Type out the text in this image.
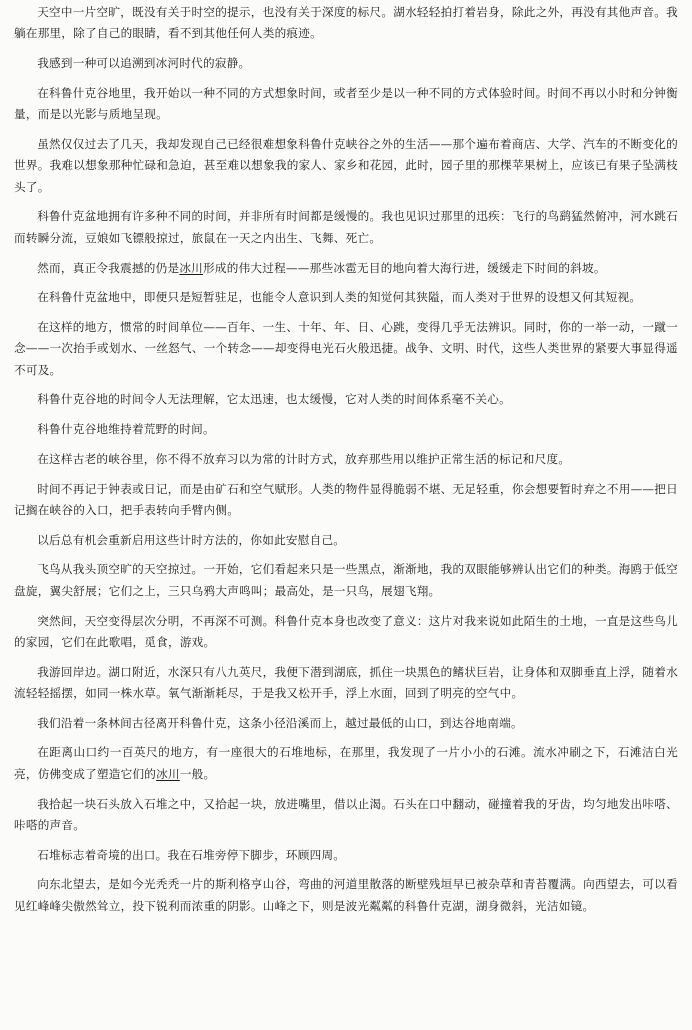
天空中一片空旷，既没有关于时空的提示，也没有关于深度的标尺。湖水轻轻拍打着岩身，除此之外，再没有其他声音。我躺在那里，除了自己的眼睛，看不到其他任何人类的痕迹。

我感到一种可以追溯到冰河时代的寂静。

在科鲁什克谷地里，我开始以一种不同的方式想象时间，或者至少是以一种不同的方式体验时间。时间不再以小时和分钟衡量，而是以光影与质地呈现。

虽然仅仅过去了几天，我却发现自己已经很难想象科鲁什克峡谷之外的生活——那个遍布着商店、大学、汽车的不断变化的世界。我难以想象那种忙碌和急迫，甚至难以想象我的家人、家乡和花园，此时，园子里的那棵苹果树上，应该已有果子坠满枝头了。

科鲁什克盆地拥有许多种不同的时间，并非所有时间都是缓慢的。我也见识过那里的迅疾：飞行的鸟鹞猛然俯冲，河水跳石而转瞬分流，豆娘如飞镖般掠过，旅鼠在一天之内出生、飞舞、死亡。

然而，真正令我震撼的仍是冰川形成的伟大过程——那些冰雹无目的地向着大海行进，缓缓走下时间的斜坡。

在科鲁什克盆地中，即便只是短暂驻足，也能令人意识到人类的知觉何其狭隘，而人类对于世界的设想又何其短视。

在这样的地方，惯常的时间单位——百年、一生、十年、年、日、心跳，变得几乎无法辨识。同时，你的一举一动，一蹴一念——一次抬手或划水、一丝怒气、一个转念——却变得电光石火般迅捷。战争、文明、时代，这些人类世界的紧要大事显得遥不可及。

科鲁什克谷地的时间令人无法理解，它太迅速，也太缓慢，它对人类的时间体系毫不关心。

科鲁什克谷地维持着荒野的时间。

在这样古老的峡谷里，你不得不放弃习以为常的计时方式，放弃那些用以维护正常生活的标记和尺度。

时间不再记于钟表或日记，而是由矿石和空气赋形。人类的物件显得脆弱不堪、无足轻重，你会想要暂时弃之不用——把日记搁在峡谷的入口，把手表转向手臂内侧。

以后总有机会重新启用这些计时方法的，你如此安慰自己。

飞鸟从我头顶空旷的天空掠过。一开始，它们看起来只是一些黑点，渐渐地，我的双眼能够辨认出它们的种类。海鸥于低空盘旋，翼尖舒展；它们之上，三只乌鸦大声鸣叫；最高处，是一只鸟，展翅飞翔。

突然间，天空变得层次分明，不再深不可测。科鲁什克本身也改变了意义：这片对我来说如此陌生的土地，一直是这些鸟儿的家园，它们在此歌唱，觅食，游戏。

我游回岸边。湖口附近，水深只有八九英尺，我便下潜到湖底，抓住一块黑色的鳍状巨岩，让身体和双脚垂直上浮，随着水流轻轻摇摆，如同一株水草。氧气渐渐耗尽，于是我又松开手，浮上水面，回到了明亮的空气中。

我们沿着一条林间古径离开科鲁什克，这条小径沿溪而上，越过最低的山口，到达谷地南端。

在距离山口约一百英尺的地方，有一座很大的石堆地标，在那里，我发现了一片小小的石滩。流水冲刷之下，石滩洁白光亮，仿佛变成了塑造它们的冰川一般。

我拾起一块石头放入石堆之中，又拾起一块，放进嘴里，借以止渴。石头在口中翻动，碰撞着我的牙齿，均匀地发出咔嗒、咔嗒的声音。

石堆标志着奇境的出口。我在石堆旁停下脚步，环顾四周。

向东北望去，是如今光秃秃一片的斯利格亨山谷，弯曲的河道里散落的断壁残垣早已被杂草和青苔覆满。向西望去，可以看见红峰峰尖傲然耸立，投下锐利而浓重的阴影。山峰之下，则是波光粼粼的科鲁什克湖，湖身微斜，光洁如镜。
